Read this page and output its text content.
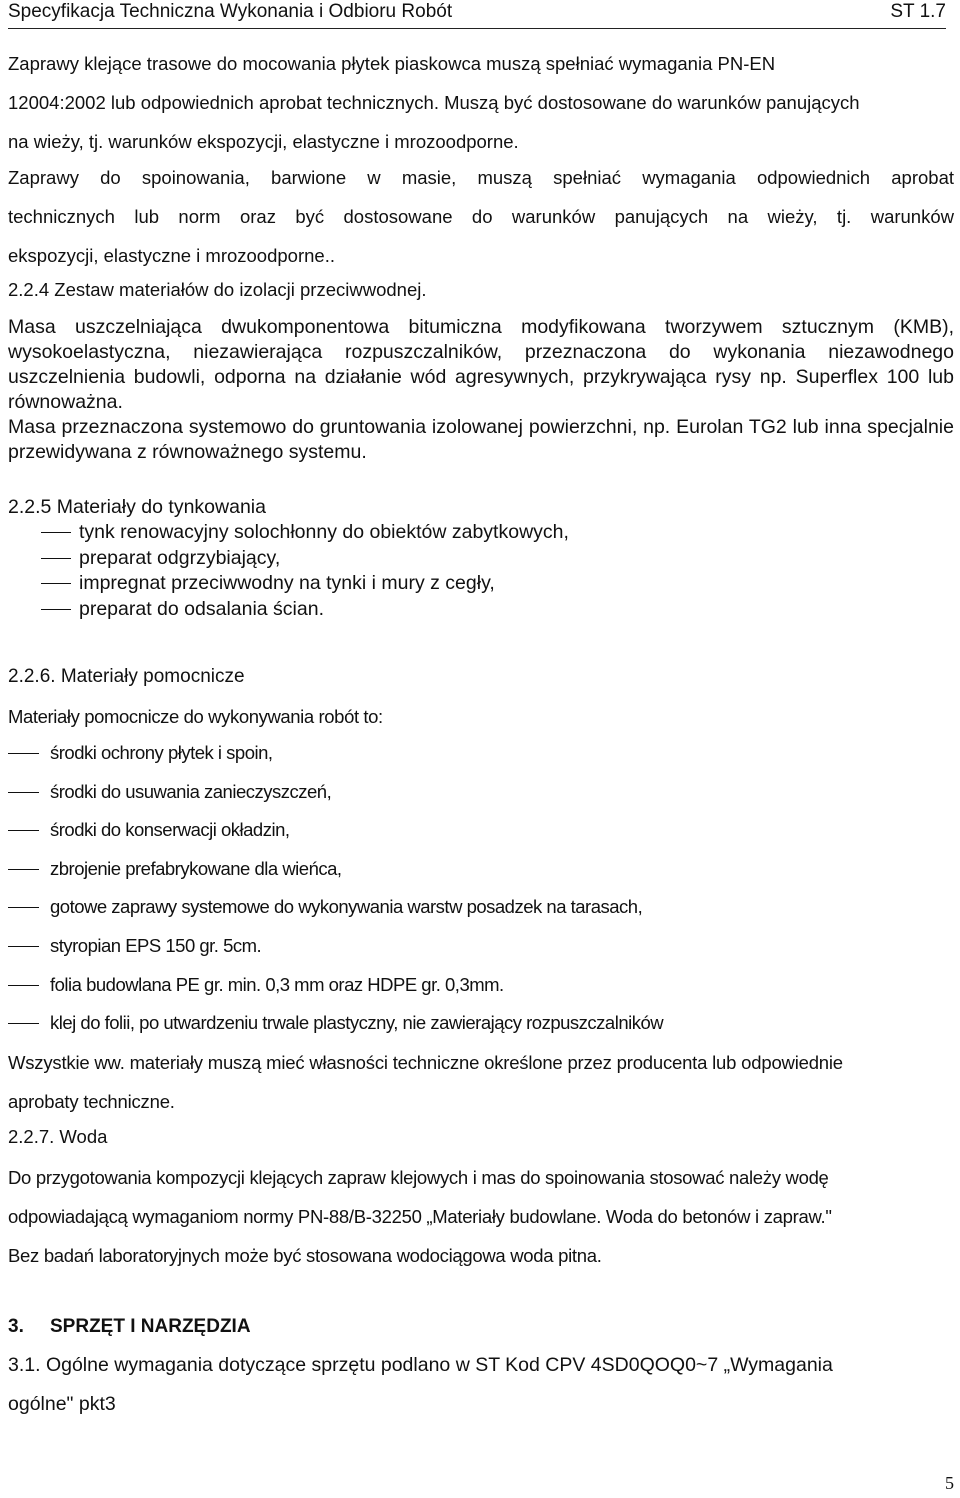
Specyfikacja Techniczna Wykonania i Odbioru Robót	ST 1.7
Zaprawy klejące trasowe do mocowania płytek piaskowca muszą spełniać wymagania PN-EN
12004:2002 lub odpowiednich aprobat technicznych. Muszą być dostosowane do warunków panujących
na wieży, tj. warunków ekspozycji, elastyczne i mrozoodporne.
Zaprawy do spoinowania, barwione w masie, muszą spełniać wymagania odpowiednich aprobat
technicznych lub norm oraz być dostosowane do warunków panujących na wieży, tj. warunków
ekspozycji, elastyczne i mrozoodporne..
2.2.4 Zestaw materiałów do izolacji przeciwwodnej.
Masa uszczelniająca dwukomponentowa bitumiczna modyfikowana tworzywem sztucznym (KMB), wysokoelastyczna, niezawierająca rozpuszczalników, przeznaczona do wykonania niezawodnego uszczelnienia budowli, odporna na działanie wód agresywnych, przykrywająca rysy np. Superflex 100 lub równoważna.
Masa przeznaczona systemowo do gruntowania izolowanej powierzchni, np. Eurolan TG2 lub inna specjalnie przewidywana z równoważnego systemu.
2.2.5 Materiały do tynkowania
tynk renowacyjny solochłonny do obiektów zabytkowych,
preparat odgrzybiający,
impregnat przeciwwodny na tynki i mury z cegły,
preparat do odsalania ścian.
2.2.6. Materiały pomocnicze
Materiały pomocnicze do wykonywania robót to:
środki ochrony płytek i spoin,
środki do usuwania zanieczyszczeń,
środki do konserwacji okładzin,
zbrojenie prefabrykowane dla wieńca,
gotowe zaprawy systemowe do wykonywania warstw posadzek na tarasach,
styropian EPS 150 gr. 5cm.
folia budowlana PE gr. min. 0,3 mm oraz HDPE gr. 0,3mm.
klej do folii, po utwardzeniu trwale plastyczny, nie zawierający rozpuszczalników
Wszystkie ww. materiały muszą mieć własności techniczne określone przez producenta lub odpowiednie
aprobaty techniczne.
2.2.7. Woda
Do przygotowania kompozycji klejących zapraw klejowych i mas do spoinowania stosować należy wodę
odpowiadającą wymaganiom normy PN-88/B-32250 „Materiały budowlane. Woda do betonów i zapraw."
Bez badań laboratoryjnych może być stosowana wodociągowa woda pitna.
3. SPRZĘT I NARZĘDZIA
3.1. Ogólne wymagania dotyczące sprzętu podlano w ST Kod CPV 4SD0QOQ0~7 „Wymagania
ogólne" pkt3
5
